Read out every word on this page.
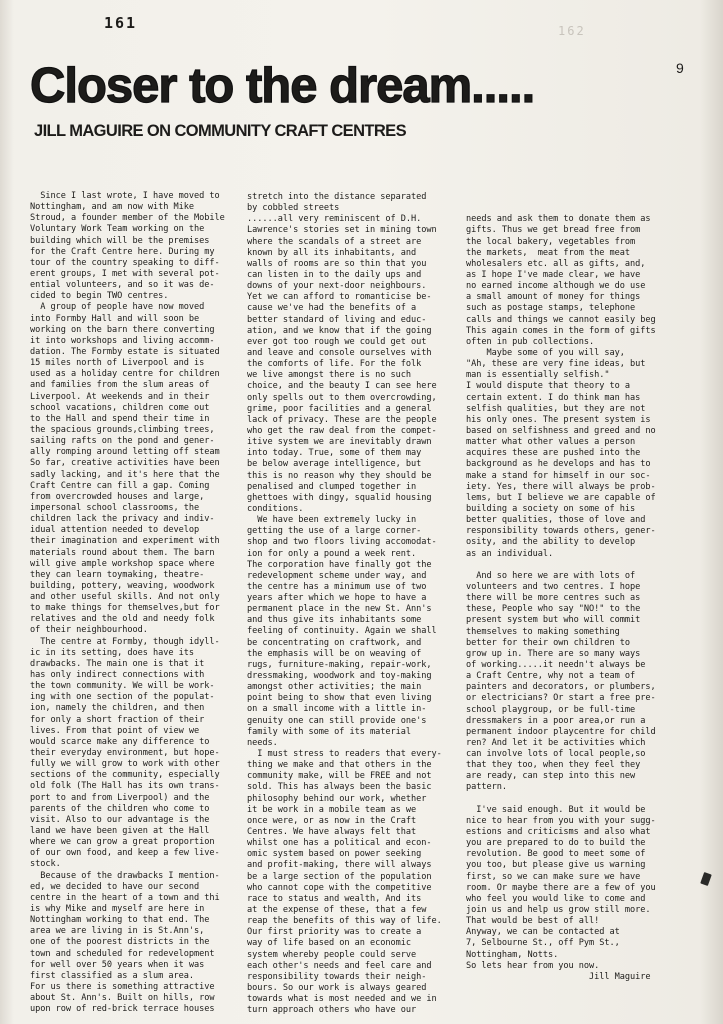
161	162
9
Closer to the dream.....
JILL MAGUIRE ON COMMUNITY CRAFT CENTRES
Since I last wrote, I have moved to
Nottingham, and am now with Mike
Stroud, a founder member of the Mobile
Voluntary Work Team working on the
building which will be the premises
for the Craft Centre here. During my
tour of the country speaking to diff-
erent groups, I met with several pot-
ential volunteers, and so it was de-
cided to begin TWO centres.
A group of people have now moved
into Formby Hall and will soon be
working on the barn there converting
it into workshops and living accomm-
dation. The Formby estate is situated
15 miles north of Liverpool and is
used as a holiday centre for children
and families from the slum areas of
Liverpool. At weekends and in their
school vacations, children come out
to the Hall and spend their time in
the spacious grounds,climbing trees,
sailing rafts on the pond and gener-
ally romping around letting off steam
So far, creative activities have been
sadly lacking, and it's here that the
Craft Centre can fill a gap. Coming
from overcrowded houses and large,
impersonal school classrooms, the
children lack the privacy and indiv-
idual attention needed to develop
their imagination and experiment with
materials round about them. The barn
will give ample workshop space where
they can learn toymaking, theatre-
building, pottery, weaving, woodwork
and other useful skills. And not only
to make things for themselves,but for
relatives and the old and needy folk
of their neighbourhood.
The centre at Formby, though idyll-
ic in its setting, does have its
drawbacks. The main one is that it
has only indirect connections with
the town community. We will be work-
ing with one section of the populat-
ion, namely the children, and then
for only a short fraction of their
lives. From that point of view we
would scarce make any difference to
their everyday environment, but hope-
fully we will grow to work with other
sections of the community, especially
old folk (The Hall has its own trans-
port to and from Liverpool) and the
parents of the children who come to
visit. Also to our advantage is the
land we have been given at the Hall
where we can grow a great proportion
of our own food, and keep a few live-
stock.
Because of the drawbacks I mention-
ed, we decided to have our second
centre in the heart of a town and thi
is why Mike and myself are here in
Nottingham working to that end. The
area we are living in is St.Ann's,
one of the poorest districts in the
town and scheduled for redevelopment
for well over 50 years when it was
first classified as a slum area.
For us there is something attractive
about St. Ann's. Built on hills, row
upon row of red-brick terrace houses
stretch into the distance separated
by cobbled streets
......all very reminiscent of D.H.
Lawrence's stories set in mining town
where the scandals of a street are
known by all its inhabitants, and
walls of rooms are so thin that you
can listen in to the daily ups and
downs of your next-door neighbours.
Yet we can afford to romanticise be-
cause we've had the benefits of a
better standard of living and educ-
ation, and we know that if the going
ever got too rough we could get out
and leave and console ourselves with
the comforts of life. For the folk
we live amongst there is no such
choice, and the beauty I can see here
only spells out to them overcrowding,
grime, poor facilities and a general
lack of privacy. These are the people
who get the raw deal from the compet-
itive system we are inevitably drawn
into today. True, some of them may
be below average intelligence, but
this is no reason why they should be
penalised and clumped together in
ghettoes with dingy, squalid housing
conditions.
We have been extremely lucky in
getting the use of a large corner-
shop and two floors living accomodat-
ion for only a pound a week rent.
The corporation have finally got the
redevelopment scheme under way, and
the centre has a minimum use of two
years after which we hope to have a
permanent place in the new St. Ann's
and thus give its inhabitants some
feeling of continuity. Again we shall
be concentrating on craftwork, and
the emphasis will be on weaving of
rugs, furniture-making, repair-work,
dressmaking, woodwork and toy-making
amongst other activities; the main
point being to show that even living
on a small income with a little in-
genuity one can still provide one's
family with some of its material
needs.
I must stress to readers that every-
thing we make and that others in the
community make, will be FREE and not
sold. This has always been the basic
philosophy behind our work, whether
it be work in a mobile team as we
once were, or as now in the Craft
Centres. We have always felt that
whilst one has a political and econ-
omic system based on power seeking
and profit-making, there will always
be a large section of the population
who cannot cope with the competitive
race to status and wealth, And its
at the expense of these, that a few
reap the benefits of this way of life.
Our first priority was to create a
way of life based on an economic
system whereby people could serve
each other's needs and feel care and
responsibility towards their neigh-
bours. So our work is always geared
towards what is most needed and we in
turn approach others who have our

needs and ask them to donate them as
gifts. Thus we get bread free from
the local bakery, vegetables from
the markets,  meat from the meat
wholesalers etc. all as gifts, and,
as I hope I've made clear, we have
no earned income although we do use
a small amount of money for things
such as postage stamps, telephone
calls and things we cannot easily beg
This again comes in the form of gifts
often in pub collections.
Maybe some of you will say,
"Ah, these are very fine ideas, but
man is essentially selfish."
I would dispute that theory to a
certain extent. I do think man has
selfish qualities, but they are not
his only ones. The present system is
based on selfishness and greed and no
matter what other values a person
acquires these are pushed into the
background as he develops and has to
make a stand for himself in our soc-
iety. Yes, there will always be prob-
lems, but I believe we are capable of
building a society on some of his
better qualities, those of love and
responsibility towards others, gener-
osity, and the ability to develop
as an individual.
And so here we are with lots of
volunteers and two centres. I hope
there will be more centres such as
these, People who say "NO!" to the
present system but who will commit
themselves to making something
better for their own children to
grow up in. There are so many ways
of working.....it needn't always be
a Craft Centre, why not a team of
painters and decorators, or plumbers,
or electricians? Or start a free pre-
school playgroup, or be full-time
dressmakers in a poor area,or run a
permanent indoor playcentre for child
ren? And let it be activities which
can involve lots of local people,so
that they too, when they feel they
are ready, can step into this new
pattern.
I've said enough. But it would be
nice to hear from you with your sugg-
estions and criticisms and also what
you are prepared to do to build the
revolution. Be good to meet some of
you too, but please give us warning
first, so we can make sure we have
room. Or maybe there are a few of you
who feel you would like to come and
join us and help us grow still more.
That would be best of all!
Anyway, we can be contacted at
7, Selbourne St., off Pym St.,
Nottingham, Notts.
So lets hear from you now.
Jill Maguire
